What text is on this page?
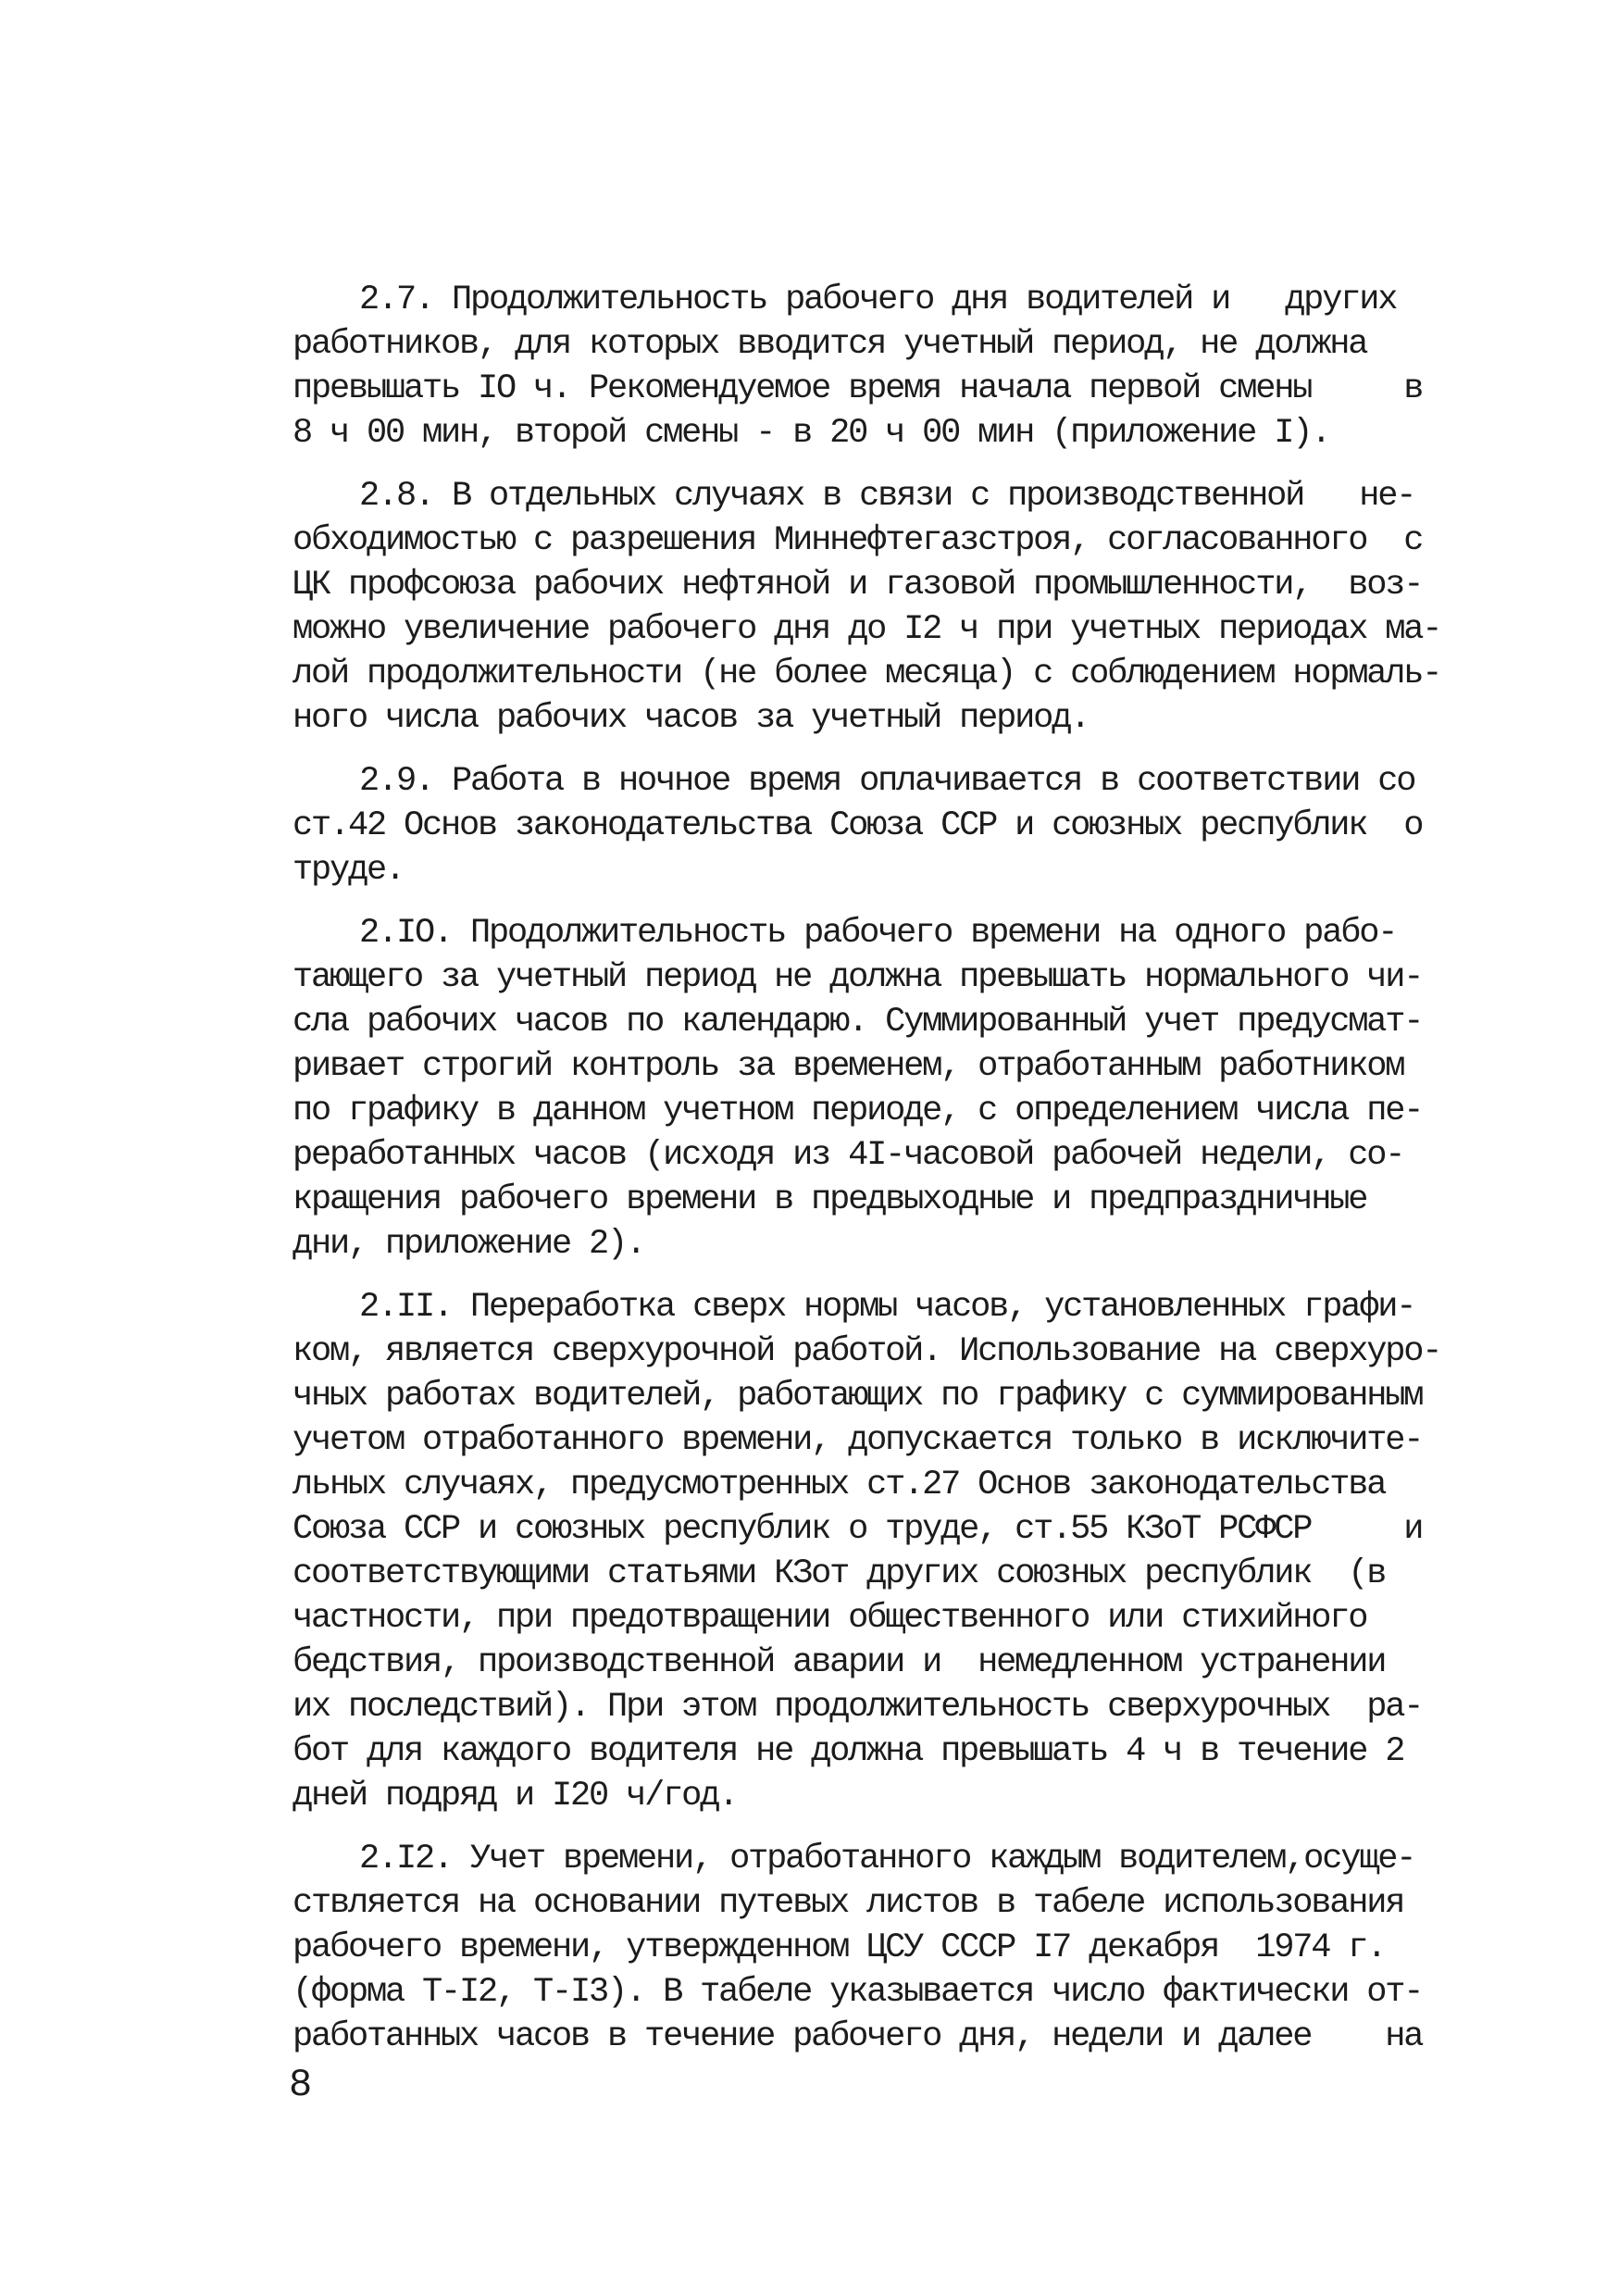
2.7. Продолжительность рабочего дня водителей и   других
работников, для которых вводится учетный период, не должна
превышать IO ч. Рекомендуемое время начала первой смены     в
8 ч 00 мин, второй смены - в 20 ч 00 мин (приложение I).

2.8. В отдельных случаях в связи с производственной   не-
обходимостью с разрешения Миннефтегазстроя, согласованного  с
ЦК профсоюза рабочих нефтяной и газовой промышленности,  воз-
можно увеличение рабочего дня до I2 ч при учетных периодах ма-
лой продолжительности (не более месяца) с соблюдением нормаль-
ного числа рабочих часов за учетный период.

2.9. Работа в ночное время оплачивается в соответствии со
ст.42 Основ законодательства Союза ССР и союзных республик  о
труде.

2.IO. Продолжительность рабочего времени на одного рабо-
тающего за учетный период не должна превышать нормального чи-
сла рабочих часов по календарю. Суммированный учет предусмат-
ривает строгий контроль за временем, отработанным работником
по графику в данном учетном периоде, с определением числа пе-
реработанных часов (исходя из 4I-часовой рабочей недели, со-
кращения рабочего времени в предвыходные и предпраздничные
дни, приложение 2).

2.II. Переработка сверх нормы часов, установленных графи-
ком, является сверхурочной работой. Использование на сверхуро-
чных работах водителей, работающих по графику с суммированным
учетом отработанного времени, допускается только в исключите-
льных случаях, предусмотренных ст.27 Основ законодательства
Союза ССР и союзных республик о труде, ст.55 КЗоТ РСФСР     и
соответствующими статьями КЗот других союзных республик  (в
частности, при предотвращении общественного или стихийного
бедствия, производственной аварии и  немедленном устранении
их последствий). При этом продолжительность сверхурочных  ра-
бот для каждого водителя не должна превышать 4 ч в течение 2
дней подряд и I20 ч/год.

2.I2. Учет времени, отработанного каждым водителем,осуще-
ствляется на основании путевых листов в табеле использования
рабочего времени, утвержденном ЦСУ СССР I7 декабря  1974 г.
(форма Т-I2, Т-I3). В табеле указывается число фактически от-
работанных часов в течение рабочего дня, недели и далее    на

8
